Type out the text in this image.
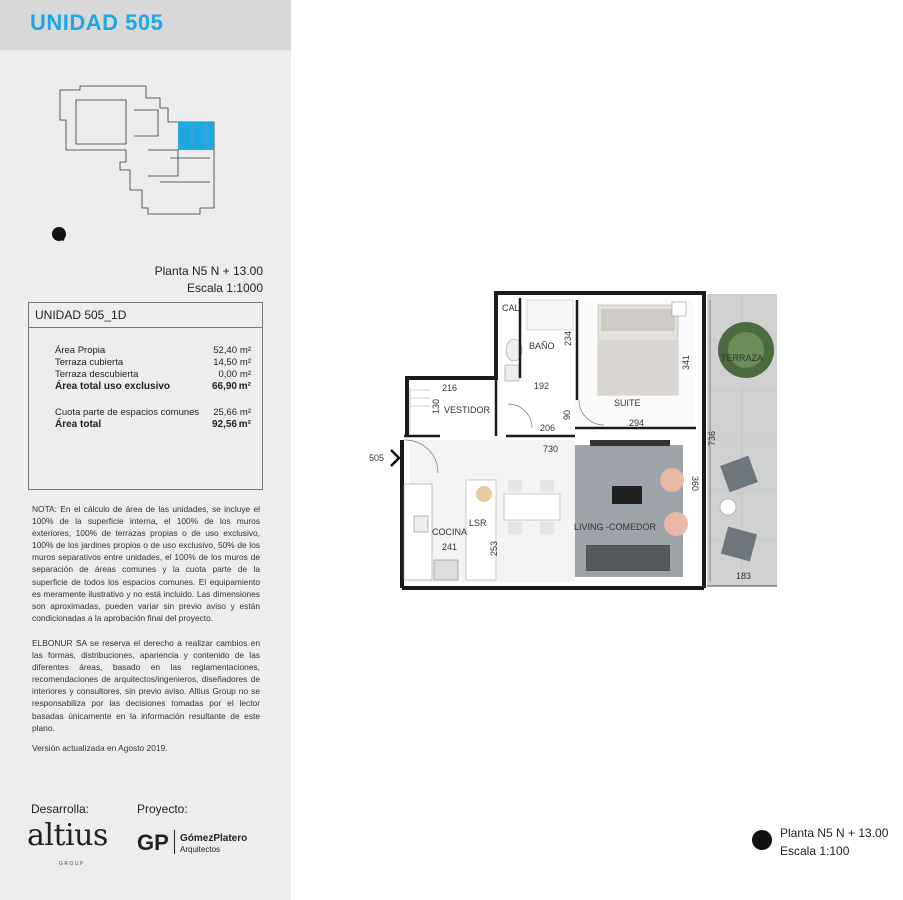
UNIDAD 505
Planta N5 N + 13.00
Escala 1:1000
UNIDAD 505_1D
Área Propia	52,40 m²
Terraza cubierta	14,50 m²
Terraza descubierta	0,00 m²
Área total uso exclusivo	66,90 m²
Cuota parte de espacios comunes 25,66 m²
Área total	92,56 m²
NOTA: En el cálculo de área de las unidades, se incluye el 100% de la superficie interna, el 100% de los muros exteriores, 100% de terrazas propias o de uso exclusivo, 100% de los jardines propios o de uso exclusivo, 50% de los muros separativos entre unidades, el 100% de los muros de separación de áreas comunes y la cuota parte de la superficie de todos los espacios comunes. El equipamiento es meramente ilustrativo y no está incluido. Las dimensiones son aproximadas, pueden variar sin previo aviso y están condicionadas a la aprobación final del proyecto.
ELBONUR SA se reserva el derecho a realizar cambios en las formas, distribuciones, apariencia y contenido de las diferentes áreas, basado en las reglamentaciones, recomendaciones de arquitectos/ingenieros, diseñadores de interiores y consultores, sin previo aviso. Altius Group no se responsabiliza por las decisiones tomadas por el lector basadas únicamente en la información resultante de este plano.
Versión actualizada en Agosto 2019.
Desarrolla:	Proyecto:
altius
GROUP
GP GómezPlatero
Arquitectos
BAÑO
VESTIDOR
SUITE
TERRAZA
COCINA	LIVING -COMEDOR
LSR
CAL
234
192
341
294
216
130
206
90
730
360
736
183
241	253
505
Planta N5 N + 13.00
Escala 1:100
